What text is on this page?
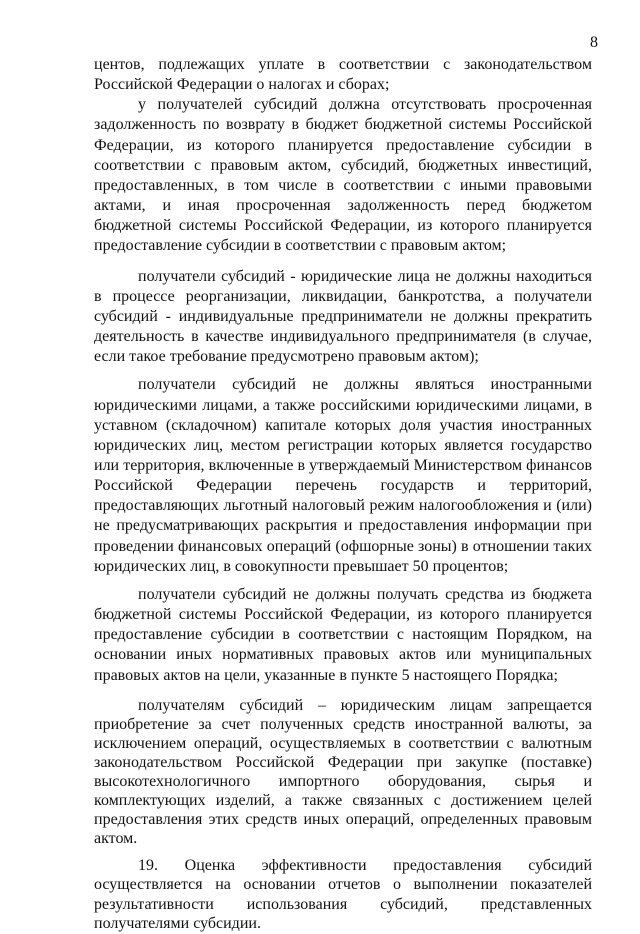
8

центов, подлежащих уплате в соответствии с законодательством Российской Федерации о налогах и сборах;

у получателей субсидий должна отсутствовать просроченная задолженность по возврату в бюджет бюджетной системы Российской Федерации, из которого планируется предоставление субсидии в соответствии с правовым актом, субсидий, бюджетных инвестиций, предоставленных, в том числе в соответствии с иными правовыми актами, и иная просроченная задолженность перед бюджетом бюджетной системы Российской Федерации, из которого планируется предоставление субсидии в соответствии с правовым актом;

получатели субсидий - юридические лица не должны находиться в процессе реорганизации, ликвидации, банкротства, а получатели субсидий - индивидуальные предприниматели не должны прекратить деятельность в качестве индивидуального предпринимателя (в случае, если такое требование предусмотрено правовым актом);

получатели субсидий не должны являться иностранными юридическими лицами, а также российскими юридическими лицами, в уставном (складочном) капитале которых доля участия иностранных юридических лиц, местом регистрации которых является государство или территория, включенные в утверждаемый Министерством финансов Российской Федерации перечень государств и территорий, предоставляющих льготный налоговый режим налогообложения и (или) не предусматривающих раскрытия и предоставления информации при проведении финансовых операций (офшорные зоны) в отношении таких юридических лиц, в совокупности превышает 50 процентов;

получатели субсидий не должны получать средства из бюджета бюджетной системы Российской Федерации, из которого планируется предоставление субсидии в соответствии с настоящим Порядком, на основании иных нормативных правовых актов или муниципальных правовых актов на цели, указанные в пункте 5 настоящего Порядка;

получателям субсидий – юридическим лицам запрещается приобретение за счет полученных средств иностранной валюты, за исключением операций, осуществляемых в соответствии с валютным законодательством Российской Федерации при закупке (поставке) высокотехнологичного импортного оборудования, сырья и комплектующих изделий, а также связанных с достижением целей предоставления этих средств иных операций, определенных правовым актом.

19. Оценка эффективности предоставления субсидий осуществляется на основании отчетов о выполнении показателей результативности использования субсидий, представленных получателями субсидии.
